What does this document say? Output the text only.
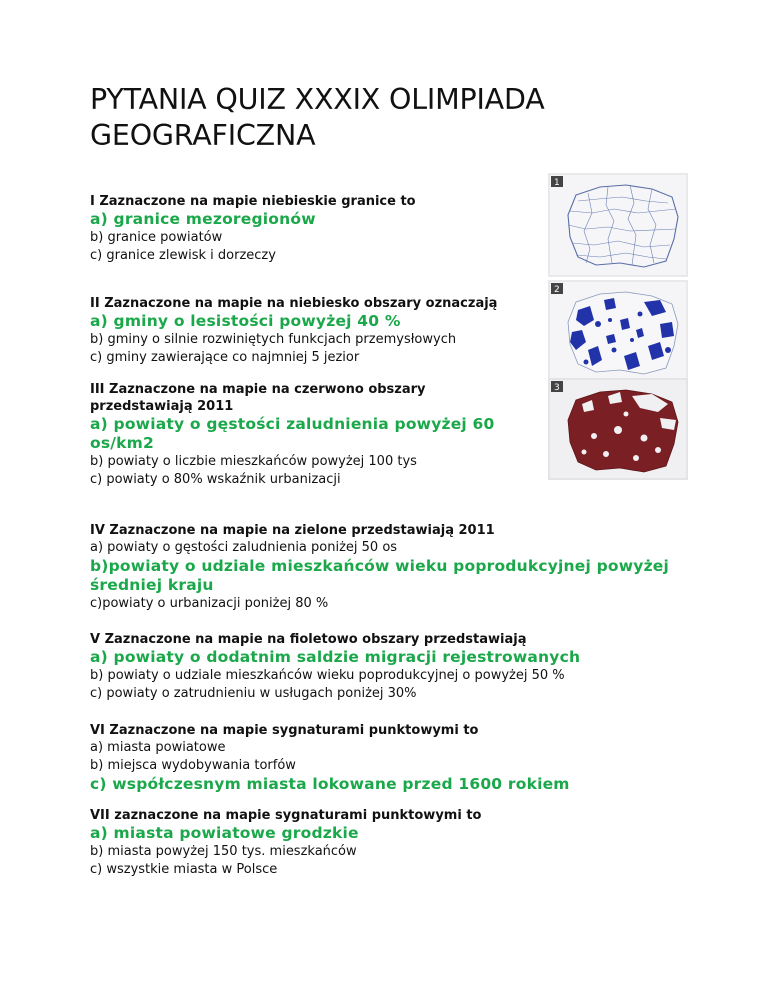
PYTANIA QUIZ XXXIX OLIMPIADA GEOGRAFICZNA
I Zaznaczone na mapie niebieskie granice to
a) granice mezoregionów
b) granice powiatów
c) granice zlewisk i dorzeczy
II Zaznaczone na mapie na niebiesko obszary oznaczają
a) gminy o lesistości powyżej 40 %
b) gminy o silnie rozwiniętych funkcjach przemysłowych
c) gminy zawierające co najmniej 5 jezior
III Zaznaczone na mapie na czerwono obszary przedstawiają 2011
a) powiaty o gęstości zaludnienia powyżej 60 os/km2
b) powiaty o liczbie mieszkańców powyżej 100 tys
c) powiaty o 80% wskaźnik urbanizacji
IV Zaznaczone na mapie na zielone przedstawiają 2011
a) powiaty o gęstości zaludnienia poniżej 50 os
b)powiaty o udziale mieszkańców wieku poprodukcyjnej powyżej średniej kraju
c)powiaty o urbanizacji poniżej 80 %
V Zaznaczone na mapie na fioletowo obszary przedstawiają
a) powiaty o dodatnim saldzie migracji rejestrowanych
b) powiaty o udziale mieszkańców wieku poprodukcyjnej o powyżej 50 %
c) powiaty o zatrudnieniu w usługach poniżej 30%
VI Zaznaczone na mapie sygnaturami punktowymi to
a) miasta powiatowe
b) miejsca wydobywania torfów
c) współczesnym miasta lokowane przed 1600 rokiem
VII zaznaczone na mapie sygnaturami punktowymi to
a) miasta powiatowe grodzkie
b) miasta powyżej 150 tys. mieszkańców
c) wszystkie miasta w Polsce
1
2
3
